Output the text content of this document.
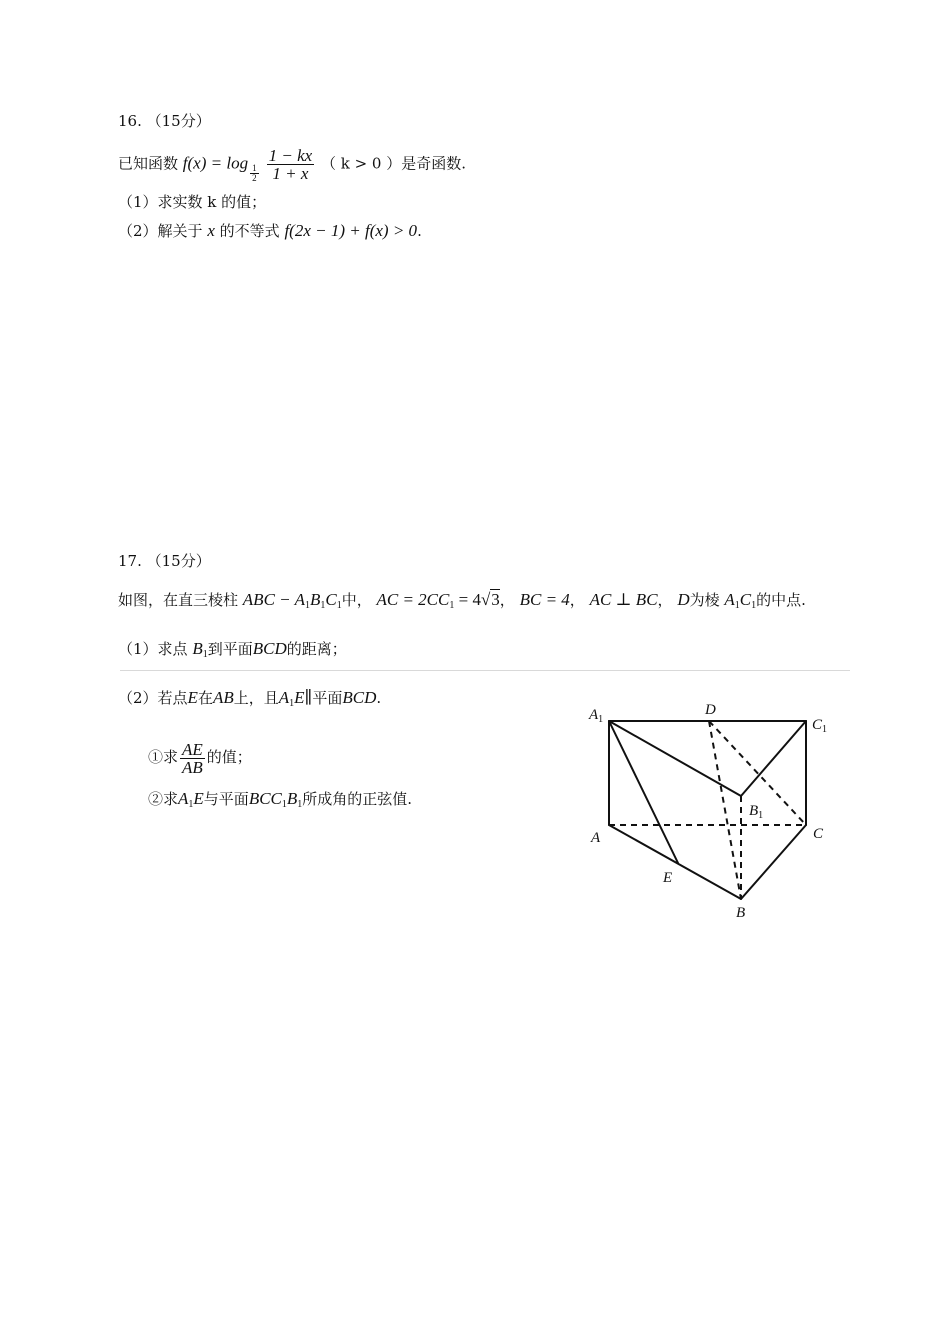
16. （15分）
已知函数 f(x) = log
$\frac{1}{2} \frac{1 - kx}{1 + x}$ （ k > 0 ）是奇函数.
（1）求实数 k 的值；
（2）解关于 x 的不等式 f(2x − 1) + f(x) > 0.
17. （15分）
如图，在直三棱柱 ABC − $A_1B_1C_1$中， AC = $2CC_1 = 4√3$， BC = 4， AC ⊥ BC， D为棱 $A_1C_1$的中点.
（1）求点 $B_1$到平面BCD的距离；
（2）若点E在AB上，且$A_1E\parallel$平面BCD.
①求 $\frac{AE}{AB}$ 的值；
②求$A_1E$与平面$BCC_1B_1$所成角的正弦值.
$A_1$
D
$C_1$
$B_1$
A	C
E
B
